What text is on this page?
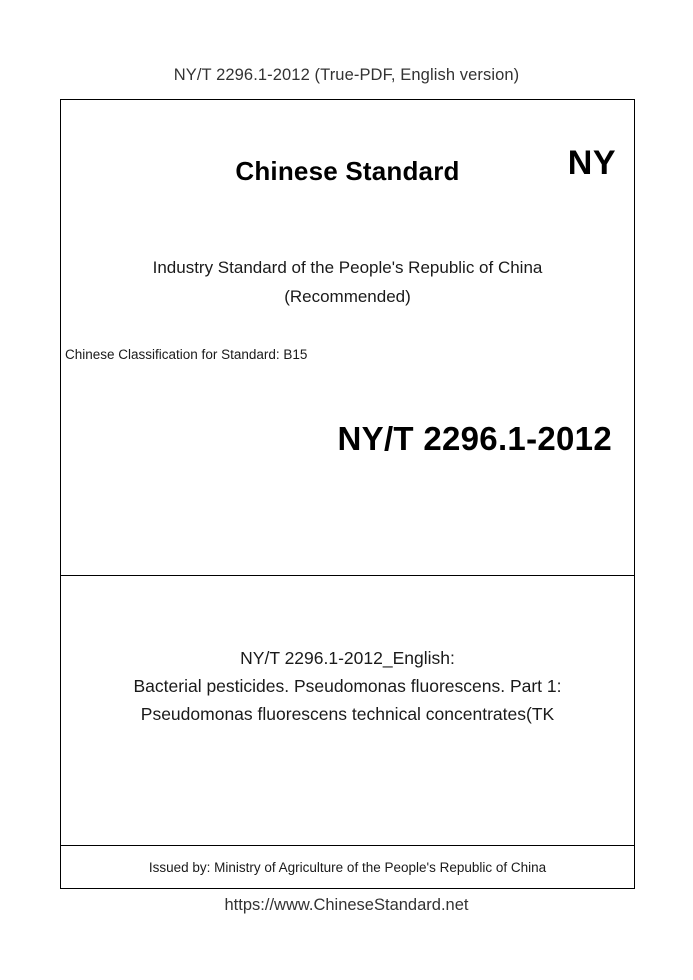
NY/T 2296.1-2012 (True-PDF, English version)
Chinese Standard	NY
Industry Standard of the People's Republic of China
(Recommended)
Chinese Classification for Standard: B15
NY/T 2296.1-2012
NY/T 2296.1-2012_English:
Bacterial pesticides. Pseudomonas fluorescens. Part 1:
Pseudomonas fluorescens technical concentrates(TK
Issued by: Ministry of Agriculture of the People's Republic of China
https://www.ChineseStandard.net
